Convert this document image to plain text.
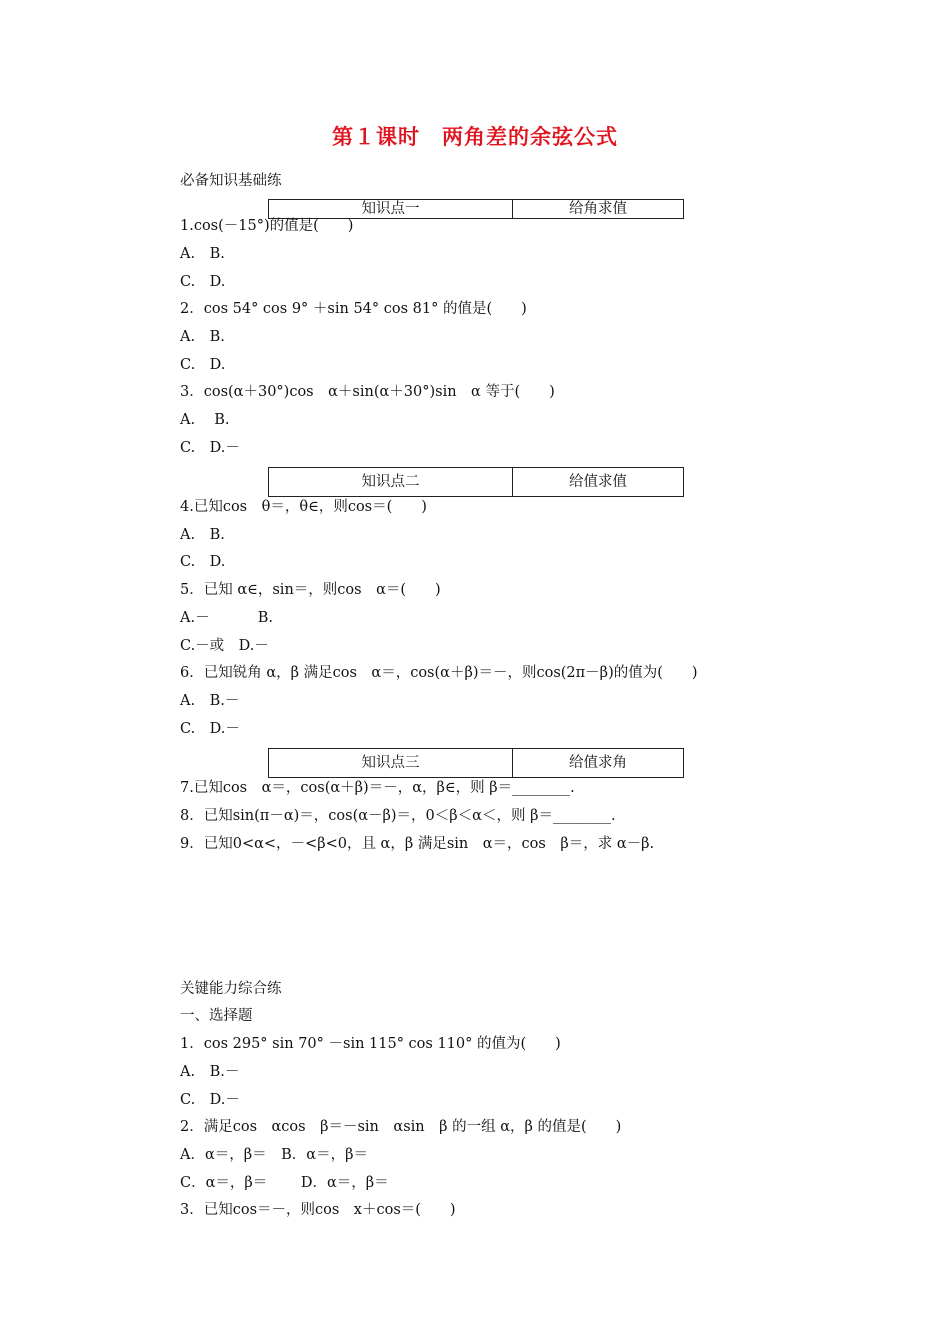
第１课时　两角差的余弦公式
必备知识基础练
知识点一	给角求值
1.cos(－15°)的值是(　　)
A.　B.
C.　D.
2．cos 54° cos 9° ＋sin 54° cos 81° 的值是(　　)
A.　B.
C.　D.
3．cos(α＋30°)cos　α＋sin(α＋30°)sin　α 等于(　　)
A.　 B.
C.　D.－
知识点二	给值求值
4.已知cos　θ＝，θ∈，则cos＝(　　)
A.　B.
C.　D.
5．已知 α∈，sin＝，则cos　α＝(　　)
A.－　　　 B.
C.－或　D.－
6．已知锐角 α，β 满足cos　α＝，cos(α＋β)＝－，则cos(2π－β)的值为(　　)
A.　B.－
C.　D.－
知识点三	给值求角
7.已知cos　α＝，cos(α＋β)＝－，α，β∈，则 β＝________.
8．已知sin(π－α)＝，cos(α－β)＝，0＜β＜α＜，则 β＝________.
9．已知0<α<，－<β<0，且 α，β 满足sin　α＝，cos　β＝，求 α－β.
关键能力综合练
一、选择题
1．cos 295° sin 70° －sin 115° cos 110° 的值为(　　)
A.　B.－
C.　D.－
2．满足cos　αcos　β＝－sin　αsin　β 的一组 α，β 的值是(　　)
A．α＝，β＝　B．α＝，β＝
C．α＝，β＝　　 D．α＝，β＝
3．已知cos＝－，则cos　x＋cos＝(　　)
